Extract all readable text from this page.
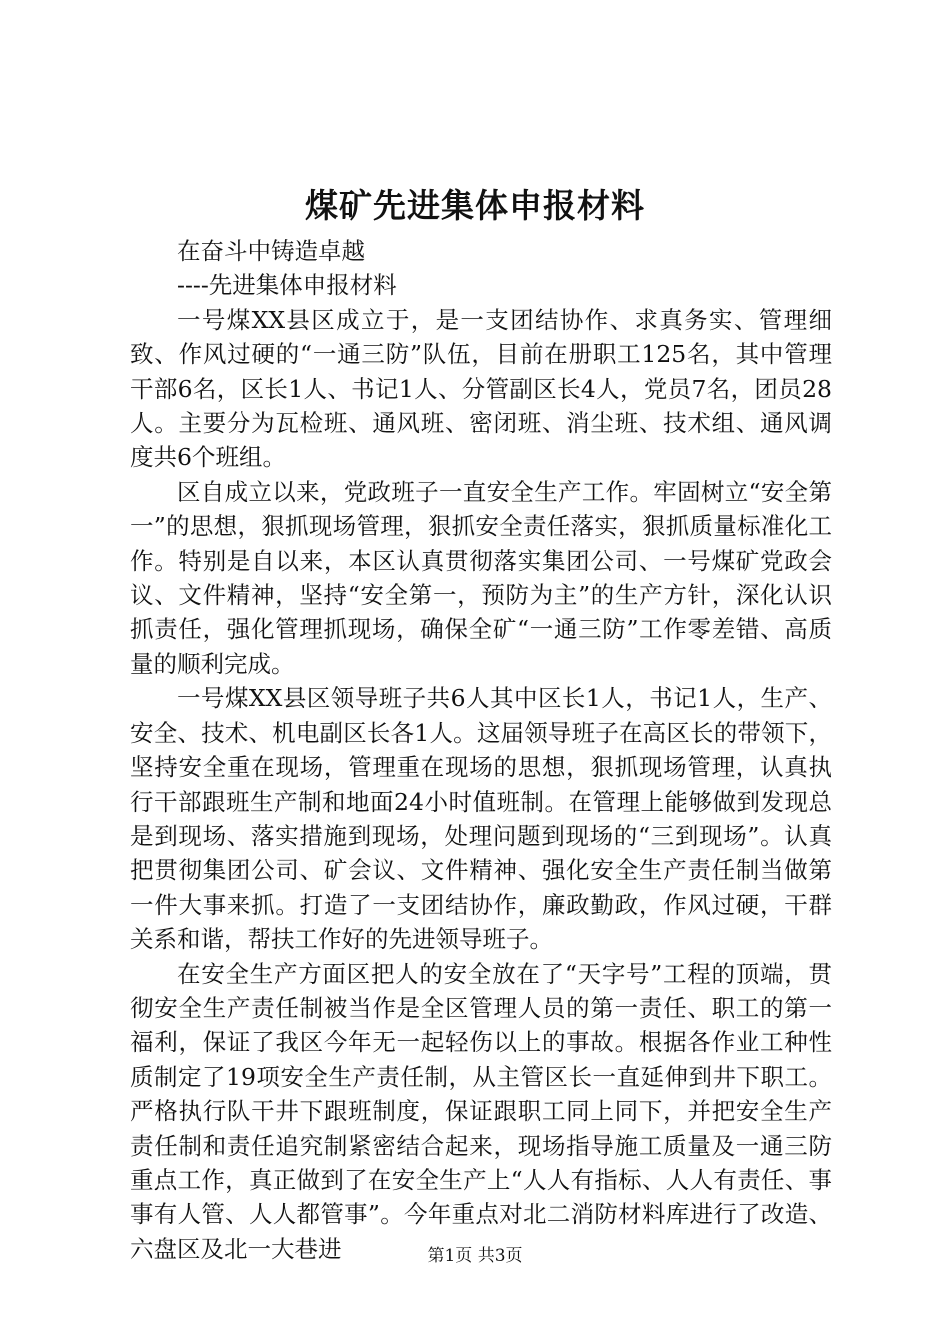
煤矿先进集体申报材料

在奋斗中铸造卓越

----先进集体申报材料

一号煤XX县区成立于，是一支团结协作、求真务实、管理细致、作风过硬的“一通三防”队伍，目前在册职工125名，其中管理干部6名，区长1人、书记1人、分管副区长4人，党员7名，团员28人。主要分为瓦检班、通风班、密闭班、消尘班、技术组、通风调度共6个班组。

区自成立以来，党政班子一直安全生产工作。牢固树立“安全第一”的思想，狠抓现场管理，狠抓安全责任落实，狠抓质量标准化工作。特别是自以来，本区认真贯彻落实集团公司、一号煤矿党政会议、文件精神，坚持“安全第一，预防为主”的生产方针，深化认识抓责任，强化管理抓现场，确保全矿“一通三防”工作零差错、高质量的顺利完成。

一号煤XX县区领导班子共6人其中区长1人，书记1人，生产、安全、技术、机电副区长各1人。这届领导班子在高区长的带领下，坚持安全重在现场，管理重在现场的思想，狠抓现场管理，认真执行干部跟班生产制和地面24小时值班制。在管理上能够做到发现总是到现场、落实措施到现场，处理问题到现场的“三到现场”。认真把贯彻集团公司、矿会议、文件精神、强化安全生产责任制当做第一件大事来抓。打造了一支团结协作，廉政勤政，作风过硬，干群关系和谐，帮扶工作好的先进领导班子。

在安全生产方面区把人的安全放在了“天字号”工程的顶端，贯彻安全生产责任制被当作是全区管理人员的第一责任、职工的第一福利，保证了我区今年无一起轻伤以上的事故。根据各作业工种性质制定了19项安全生产责任制，从主管区长一直延伸到井下职工。严格执行队干井下跟班制度，保证跟职工同上同下，并把安全生产责任制和责任追究制紧密结合起来，现场指导施工质量及一通三防重点工作，真正做到了在安全生产上“人人有指标、人人有责任、事事有人管、人人都管事”。今年重点对北二消防材料库进行了改造、六盘区及北一大巷进	第1页 共3页
